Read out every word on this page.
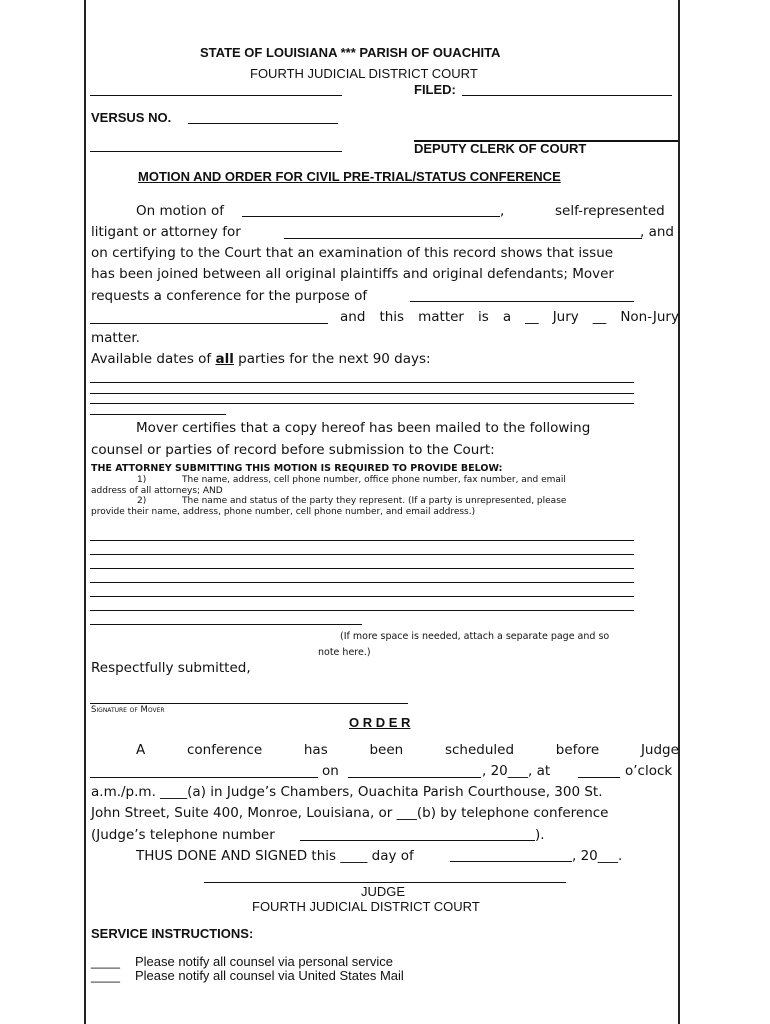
STATE OF LOUISIANA *** PARISH OF OUACHITA
FOURTH JUDICIAL DISTRICT COURT
FILED:
VERSUS NO.
DEPUTY CLERK OF COURT
MOTION AND ORDER FOR CIVIL PRE-TRIAL/STATUS CONFERENCE
On motion of	,	self-represented
litigant or attorney for	, and
on certifying to the Court that an examination of this record shows that issue
has been joined between all original plaintiffs and original defendants; Mover
requests a conference for the purpose of
and this matter is a __ Jury __ Non-Jury
matter.
Available dates of all parties for the next 90 days:
Mover certifies that a copy hereof has been mailed to the following
counsel or parties of record before submission to the Court:
THE ATTORNEY SUBMITTING THIS MOTION IS REQUIRED TO PROVIDE BELOW:
1)	The name, address, cell phone number, office phone number, fax number, and email
address of all attorneys; AND
2)	The name and status of the party they represent. (If a party is unrepresented, please
provide their name, address, phone number, cell phone number, and email address.)
(If more space is needed, attach a separate page and so
note here.)
Respectfully submitted,
Signature of Mover
O R D E R
A	conference	has	been	scheduled	before	Judge
on	, 20___, at	o’clock
a.m./p.m. ____(a) in Judge’s Chambers, Ouachita Parish Courthouse, 300 St.
John Street, Suite 400, Monroe, Louisiana, or ___(b) by telephone conference
(Judge’s telephone number	).
THUS DONE AND SIGNED this ____ day of	, 20___.
JUDGE
FOURTH JUDICIAL DISTRICT COURT
SERVICE INSTRUCTIONS:
____ Please notify all counsel via personal service
____ Please notify all counsel via United States Mail
